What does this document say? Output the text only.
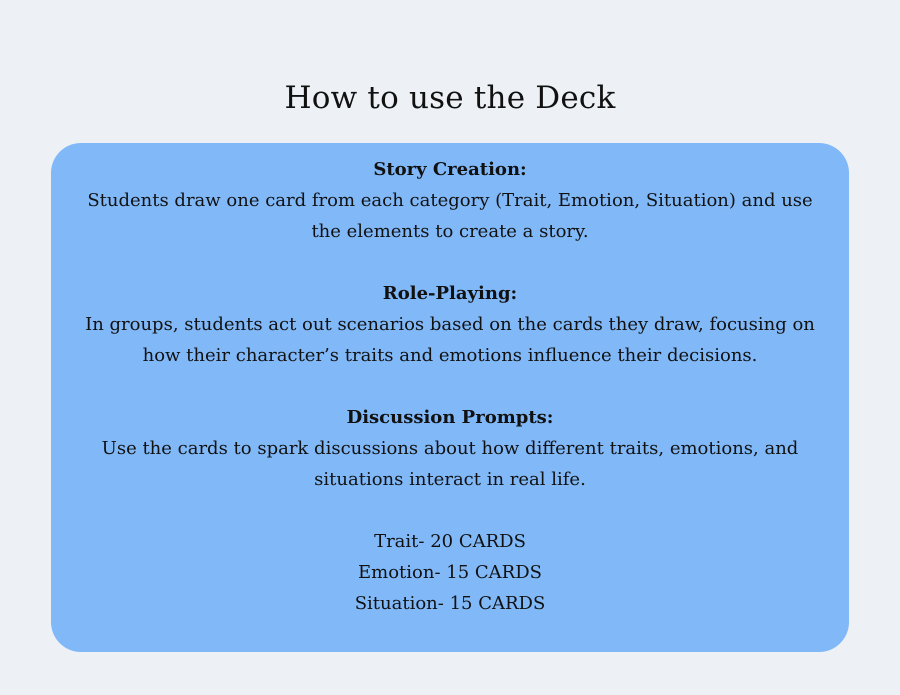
How to use the Deck
Story Creation:
Students draw one card from each category (Trait, Emotion, Situation) and use the elements to create a story.
Role-Playing:
In groups, students act out scenarios based on the cards they draw, focusing on how their character’s traits and emotions influence their decisions.
Discussion Prompts:
Use the cards to spark discussions about how different traits, emotions, and situations interact in real life.
Trait- 20 CARDS
Emotion- 15 CARDS
Situation- 15 CARDS
